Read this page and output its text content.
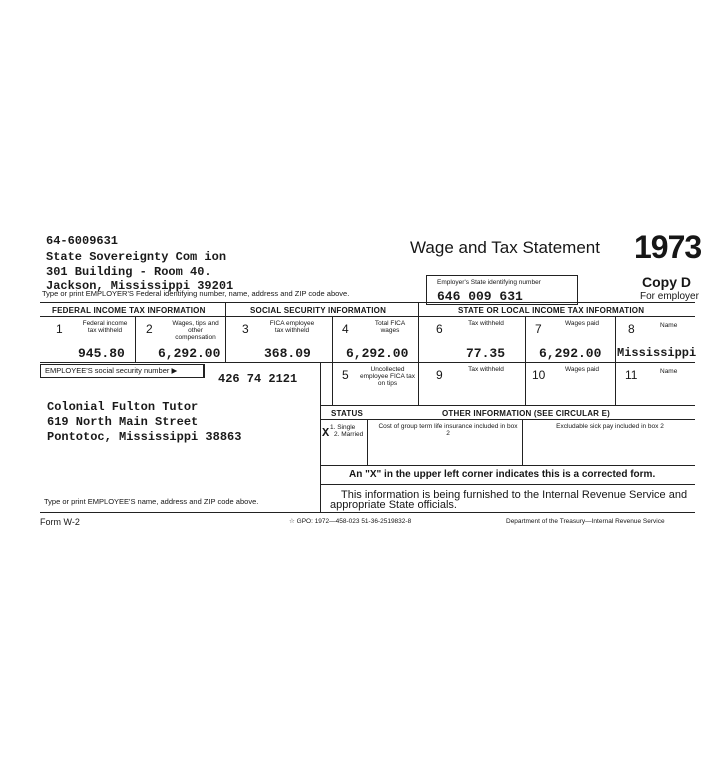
64-6009631
State Sovereignty Com ion
301 Building - Room 40.
Jackson, Mississippi 39201
Type or print EMPLOYER'S Federal identifying number, name, address and ZIP code above.
Wage and Tax Statement 1973
Employer's State identifying number
646 009 631
Copy D
For employer
FEDERAL INCOME TAX INFORMATION	SOCIAL SECURITY INFORMATION	STATE OR LOCAL INCOME TAX INFORMATION
1	Federal income tax withheld
945.80
2	Wages, tips and other compensation
6,292.00
3	FICA employee tax withheld
368.09
4	Total FICA wages
6,292.00
6	Tax withheld
77.35
7	Wages paid
6,292.00
8	Name
Mississippi
EMPLOYEE'S social security number ▶
426 74 2121	5	Uncollected employee FICA tax on tips
9	Tax withheld	10	Wages paid	11	Name
Colonial Fulton Tutor
619 North Main Street
Pontotoc, Mississippi 38863
Type or print EMPLOYEE'S name, address and ZIP code above.
STATUS	OTHER INFORMATION (SEE CIRCULAR E)
1. Single
2. Married
X	Cost of group term life insurance included in box 2
Excludable sick pay included in box 2
An "X" in the upper left corner indicates this is a corrected form.
This information is being furnished to the Internal Revenue Service and
appropriate State officials.
Form W-2	☆ GPO: 1972—458-023 51-36-2519832-8	Department of the Treasury—Internal Revenue Service
